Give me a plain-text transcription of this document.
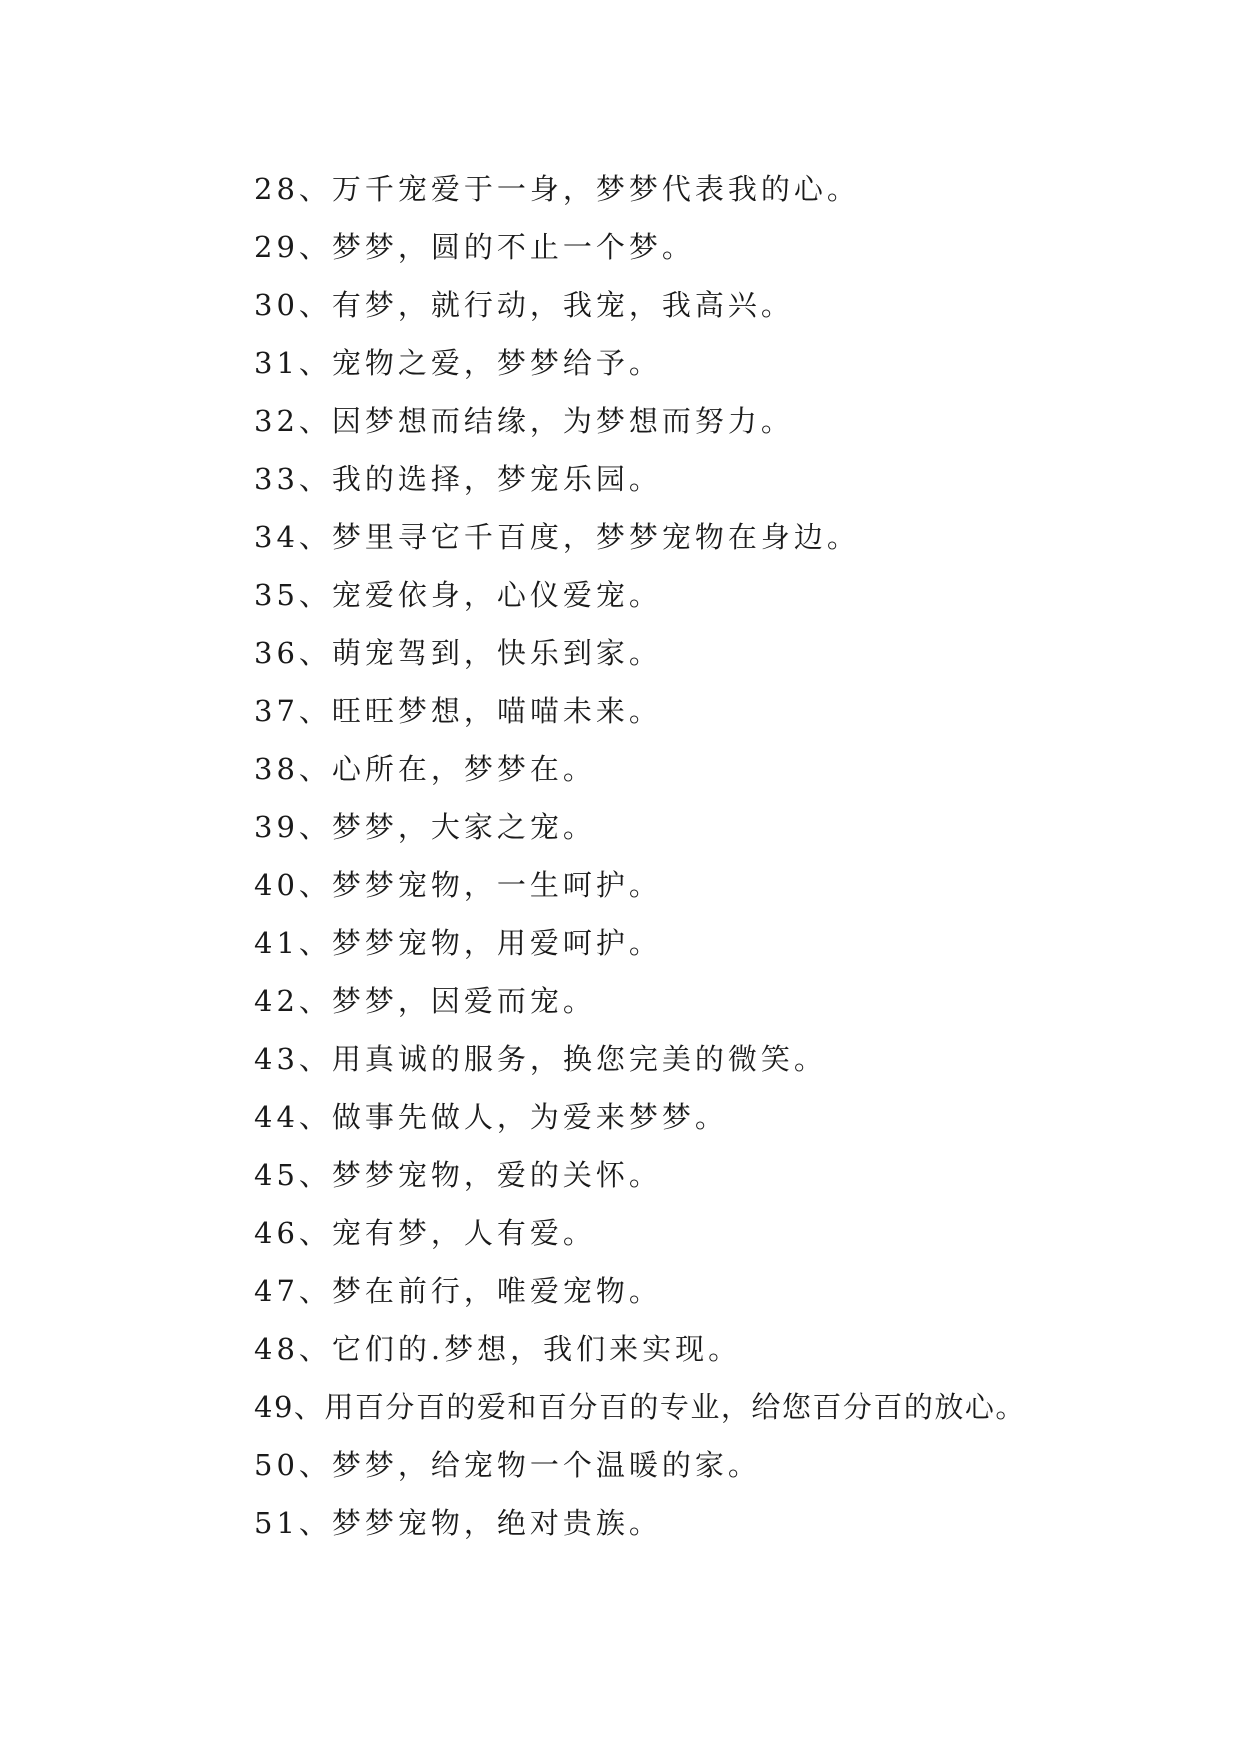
28、万千宠爱于一身，梦梦代表我的心。
29、梦梦，圆的不止一个梦。
30、有梦，就行动，我宠，我高兴。
31、宠物之爱，梦梦给予。
32、因梦想而结缘，为梦想而努力。
33、我的选择，梦宠乐园。
34、梦里寻它千百度，梦梦宠物在身边。
35、宠爱依身，心仪爱宠。
36、萌宠驾到，快乐到家。
37、旺旺梦想，喵喵未来。
38、心所在，梦梦在。
39、梦梦，大家之宠。
40、梦梦宠物，一生呵护。
41、梦梦宠物，用爱呵护。
42、梦梦，因爱而宠。
43、用真诚的服务，换您完美的微笑。
44、做事先做人，为爱来梦梦。
45、梦梦宠物，爱的关怀。
46、宠有梦，人有爱。
47、梦在前行，唯爱宠物。
48、它们的.梦想，我们来实现。
49、用百分百的爱和百分百的专业，给您百分百的放心。
50、梦梦，给宠物一个温暖的家。
51、梦梦宠物，绝对贵族。
